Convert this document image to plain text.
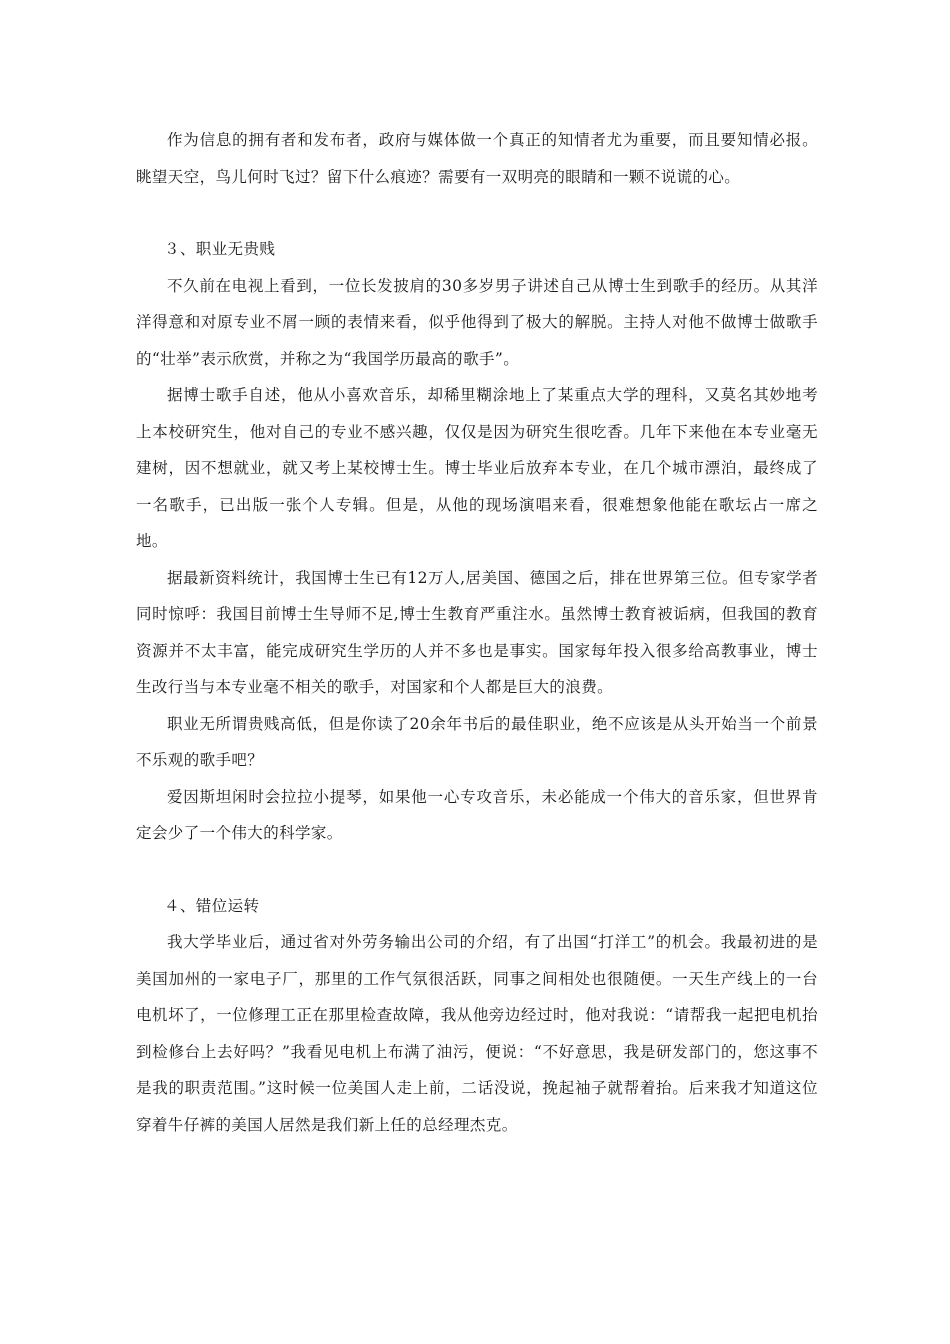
作为信息的拥有者和发布者，政府与媒体做一个真正的知情者尤为重要，而且要知情必报。眺望天空，鸟儿何时飞过？留下什么痕迹？需要有一双明亮的眼睛和一颗不说谎的心。

３、职业无贵贱

不久前在电视上看到，一位长发披肩的30多岁男子讲述自己从博士生到歌手的经历。从其洋洋得意和对原专业不屑一顾的表情来看，似乎他得到了极大的解脱。主持人对他不做博士做歌手的“壮举”表示欣赏，并称之为“我国学历最高的歌手”。

据博士歌手自述，他从小喜欢音乐，却稀里糊涂地上了某重点大学的理科，又莫名其妙地考上本校研究生，他对自己的专业不感兴趣，仅仅是因为研究生很吃香。几年下来他在本专业毫无建树，因不想就业，就又考上某校博士生。博士毕业后放弃本专业，在几个城市漂泊，最终成了一名歌手，已出版一张个人专辑。但是，从他的现场演唱来看，很难想象他能在歌坛占一席之地。

据最新资料统计，我国博士生已有12万人,居美国、德国之后，排在世界第三位。但专家学者同时惊呼：我国目前博士生导师不足,博士生教育严重注水。虽然博士教育被诟病，但我国的教育资源并不太丰富，能完成研究生学历的人并不多也是事实。国家每年投入很多给高教事业，博士生改行当与本专业毫不相关的歌手，对国家和个人都是巨大的浪费。

职业无所谓贵贱高低，但是你读了20余年书后的最佳职业，绝不应该是从头开始当一个前景不乐观的歌手吧？

爱因斯坦闲时会拉拉小提琴，如果他一心专攻音乐，未必能成一个伟大的音乐家，但世界肯定会少了一个伟大的科学家。

４、错位运转

我大学毕业后，通过省对外劳务输出公司的介绍，有了出国“打洋工”的机会。我最初进的是美国加州的一家电子厂，那里的工作气氛很活跃，同事之间相处也很随便。一天生产线上的一台电机坏了，一位修理工正在那里检查故障，我从他旁边经过时，他对我说：“请帮我一起把电机抬到检修台上去好吗？”我看见电机上布满了油污，便说：“不好意思，我是研发部门的，您这事不是我的职责范围。”这时候一位美国人走上前，二话没说，挽起袖子就帮着抬。后来我才知道这位穿着牛仔裤的美国人居然是我们新上任的总经理杰克。
